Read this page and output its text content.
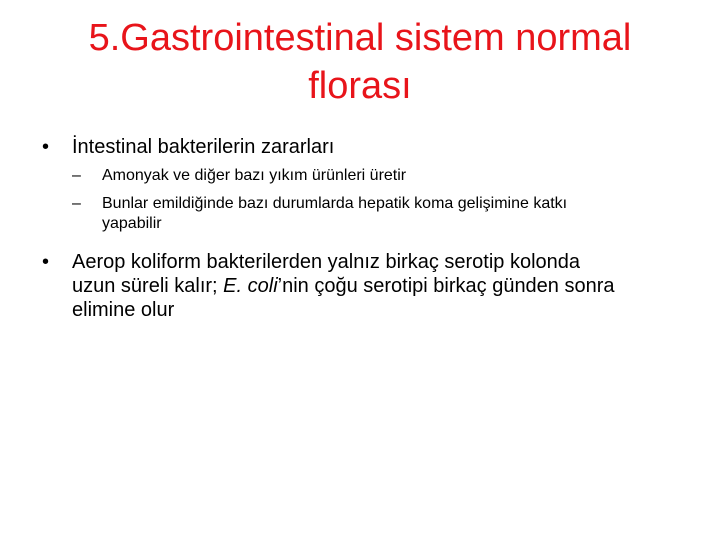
5.Gastrointestinal sistem normal
florası
• İntestinal bakterilerin zararları
– Amonyak ve diğer bazı yıkım ürünleri üretir
– Bunlar emildiğinde bazı durumlarda hepatik koma gelişimine katkı
yapabilir
• Aerop koliform bakterilerden yalnız birkaç serotip kolonda
uzun süreli kalır; E. coli’nin çoğu serotipi birkaç günden sonra
elimine olur
